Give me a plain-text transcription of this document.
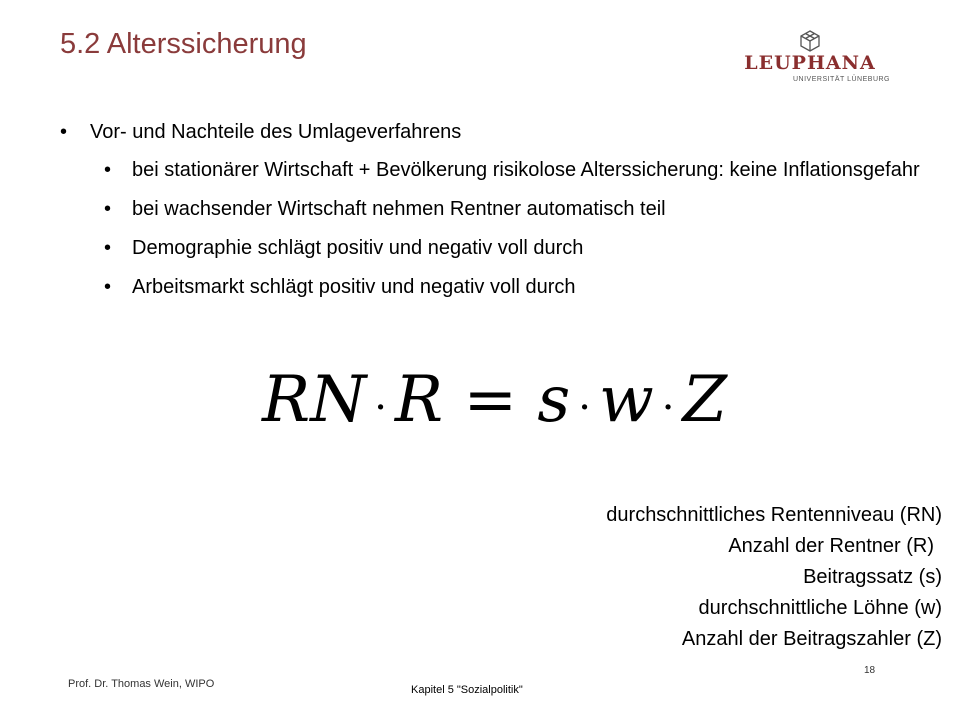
5.2 Alterssicherung
LEUPHANA
UNIVERSITÄT LÜNEBURG
• Vor- und Nachteile des Umlageverfahrens
• bei stationärer Wirtschaft + Bevölkerung risikolose Alterssicherung: keine Inflationsgefahr
• bei wachsender Wirtschaft nehmen Rentner automatisch teil
• Demographie schlägt positiv und negativ voll durch
• Arbeitsmarkt schlägt positiv und negativ voll durch
RN · R = s · w · Z
durchschnittliches Rentenniveau (RN)
Anzahl der Rentner (R)
Beitragssatz (s)
durchschnittliche Löhne (w)
Anzahl der Beitragszahler (Z)
18
Prof. Dr. Thomas Wein, WIPO	Kapitel 5 "Sozialpolitik"
